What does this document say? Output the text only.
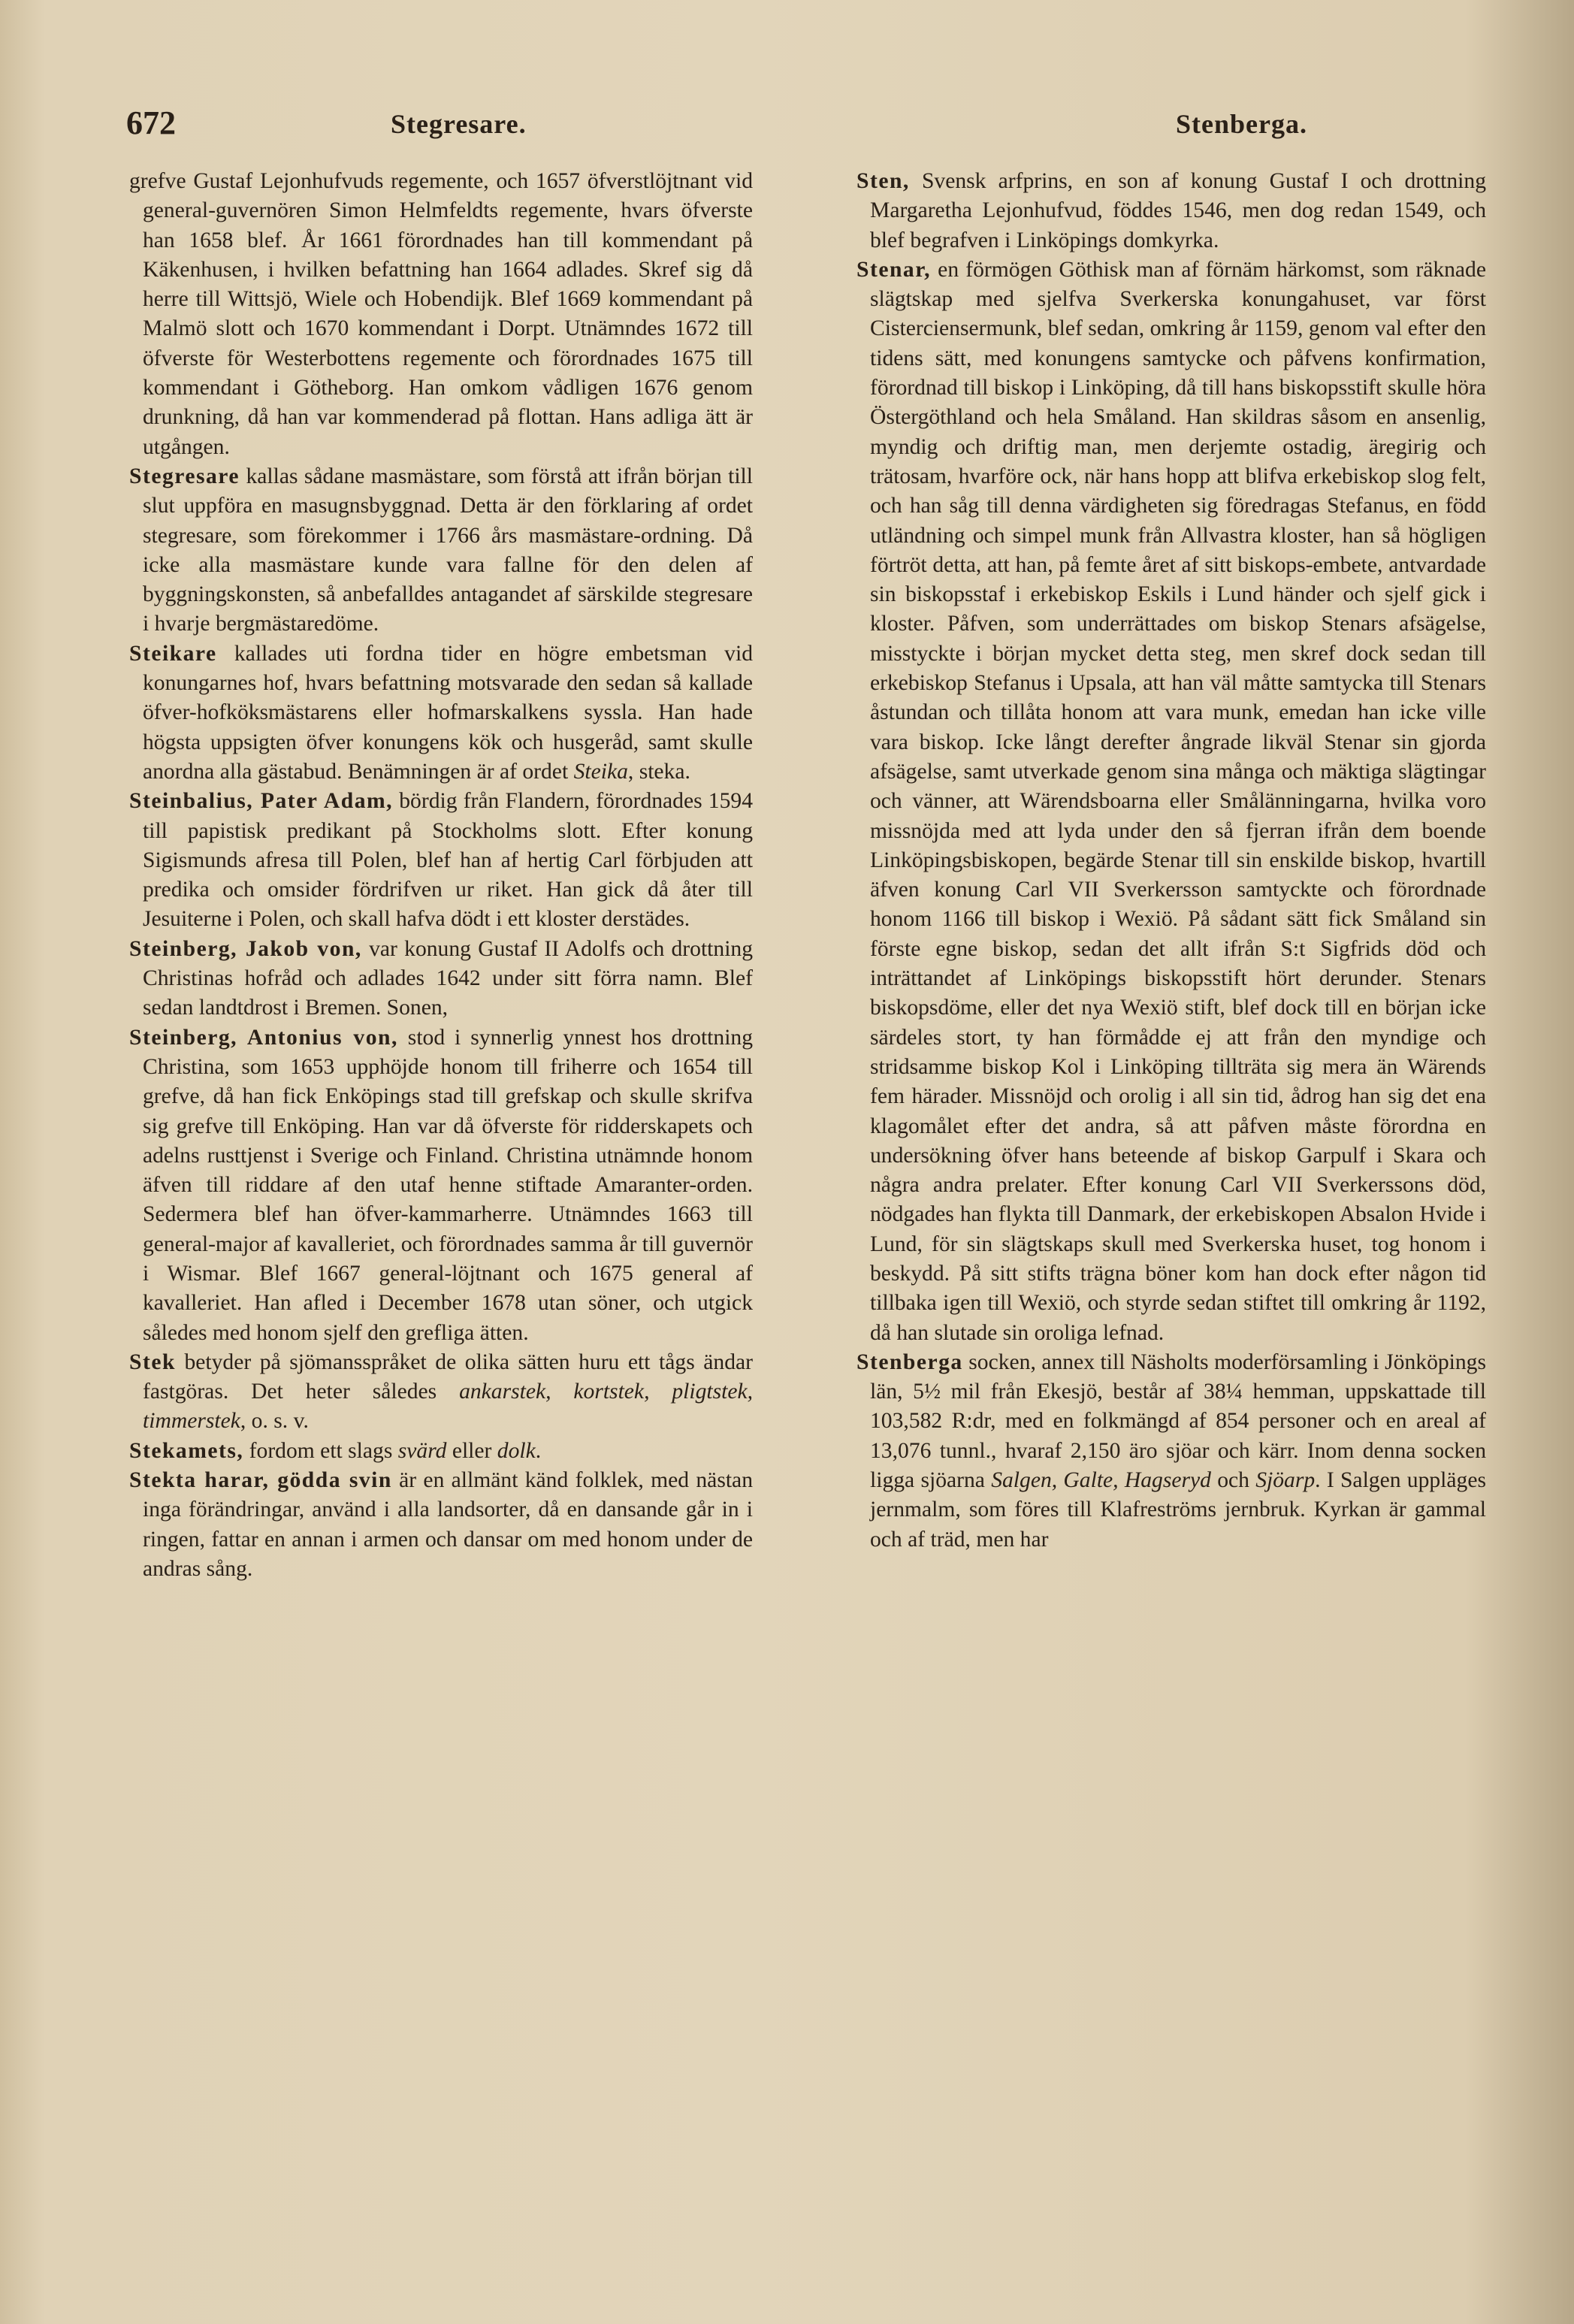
672	Stegresare.	Stenberga.

grefve Gustaf Lejonhufvuds regemente, och 1657 öfverstlöjtnant vid general-guvernören Simon Helmfeldts regemente, hvars öfverste han 1658 blef. År 1661 förordnades han till kommendant på Käkenhusen, i hvilken befattning han 1664 adlades. Skref sig då herre till Wittsjö, Wiele och Hobendijk. Blef 1669 kommendant på Malmö slott och 1670 kommendant i Dorpt. Utnämndes 1672 till öfverste för Westerbottens regemente och förordnades 1675 till kommendant i Götheborg. Han omkom vådligen 1676 genom drunkning, då han var kommenderad på flottan. Hans adliga ätt är utgången.

Stegresare kallas sådane masmästare, som förstå att ifrån början till slut uppföra en masugnsbyggnad. Detta är den förklaring af ordet stegresare, som förekommer i 1766 års masmästare-ordning. Då icke alla masmästare kunde vara fallne för den delen af byggningskonsten, så anbefalldes antagandet af särskilde stegresare i hvarje bergmästaredöme.

Steikare kallades uti fordna tider en högre embetsman vid konungarnes hof, hvars befattning motsvarade den sedan så kallade öfver-hofköksmästarens eller hofmarskalkens syssla. Han hade högsta uppsigten öfver konungens kök och husgeråd, samt skulle anordna alla gästabud. Benämningen är af ordet Steika, steka.

Steinbalius, Pater Adam, bördig från Flandern, förordnades 1594 till papistisk predikant på Stockholms slott. Efter konung Sigismunds afresa till Polen, blef han af hertig Carl förbjuden att predika och omsider fördrifven ur riket. Han gick då åter till Jesuiterne i Polen, och skall hafva dödt i ett kloster derstädes.

Steinberg, Jakob von, var konung Gustaf II Adolfs och drottning Christinas hofråd och adlades 1642 under sitt förra namn. Blef sedan landtdrost i Bremen. Sonen,

Steinberg, Antonius von, stod i synnerlig ynnest hos drottning Christina, som 1653 upphöjde honom till friherre och 1654 till grefve, då han fick Enköpings stad till grefskap och skulle skrifva sig grefve till Enköping. Han var då öfverste för ridderskapets och adelns rusttjenst i Sverige och Finland. Christina utnämnde honom äfven till riddare af den utaf henne stiftade Amaranter-orden. Sedermera blef han öfver-kammarherre. Utnämndes 1663 till general-major af kavalleriet, och förordnades samma år till guvernör i Wismar. Blef 1667 general-löjtnant och 1675 general af kavalleriet. Han afled i December 1678 utan söner, och utgick således med honom sjelf den grefliga ätten.

Stek betyder på sjömansspråket de olika sätten huru ett tågs ändar fastgöras. Det heter således ankarstek, kortstek, pligtstek, timmerstek, o. s. v.

Stekamets, fordom ett slags svärd eller dolk.

Stekta harar, gödda svin är en allmänt känd folklek, med nästan inga förändringar, använd i alla landsorter, då en dansande går in i ringen, fattar en annan i armen och dansar om med honom under de andras sång.

Sten, Svensk arfprins, en son af konung Gustaf I och drottning Margaretha Lejonhufvud, föddes 1546, men dog redan 1549, och blef begrafven i Linköpings domkyrka.

Stenar, en förmögen Göthisk man af förnäm härkomst, som räknade slägtskap med sjelfva Sverkerska konungahuset, var först Cisterciensermunk, blef sedan, omkring år 1159, genom val efter den tidens sätt, med konungens samtycke och påfvens konfirmation, förordnad till biskop i Linköping, då till hans biskopsstift skulle höra Östergöthland och hela Småland. Han skildras såsom en ansenlig, myndig och driftig man, men derjemte ostadig, äregirig och trätosam, hvarföre ock, när hans hopp att blifva erkebiskop slog felt, och han såg till denna värdigheten sig föredragas Stefanus, en född utländning och simpel munk från Allvastra kloster, han så högligen förtröt detta, att han, på femte året af sitt biskops-embete, antvardade sin biskopsstaf i erkebiskop Eskils i Lund händer och sjelf gick i kloster. Påfven, som underrättades om biskop Stenars afsägelse, misstyckte i början mycket detta steg, men skref dock sedan till erkebiskop Stefanus i Upsala, att han väl måtte samtycka till Stenars åstundan och tillåta honom att vara munk, emedan han icke ville vara biskop. Icke långt derefter ångrade likväl Stenar sin gjorda afsägelse, samt utverkade genom sina många och mäktiga slägtingar och vänner, att Wärendsboarna eller Smålänningarna, hvilka voro missnöjda med att lyda under den så fjerran ifrån dem boende Linköpingsbiskopen, begärde Stenar till sin enskilde biskop, hvartill äfven konung Carl VII Sverkersson samtyckte och förordnade honom 1166 till biskop i Wexiö. På sådant sätt fick Småland sin förste egne biskop, sedan det allt ifrån S:t Sigfrids död och inträttandet af Linköpings biskopsstift hört derunder. Stenars biskopsdöme, eller det nya Wexiö stift, blef dock till en början icke särdeles stort, ty han förmådde ej att från den myndige och stridsamme biskop Kol i Linköping tillträta sig mera än Wärends fem härader. Missnöjd och orolig i all sin tid, ådrog han sig det ena klagomålet efter det andra, så att påfven måste förordna en undersökning öfver hans beteende af biskop Garpulf i Skara och några andra prelater. Efter konung Carl VII Sverkerssons död, nödgades han flykta till Danmark, der erkebiskopen Absalon Hvide i Lund, för sin slägtskaps skull med Sverkerska huset, tog honom i beskydd. På sitt stifts trägna böner kom han dock efter någon tid tillbaka igen till Wexiö, och styrde sedan stiftet till omkring år 1192, då han slutade sin oroliga lefnad.

Stenberga socken, annex till Näsholts moderförsamling i Jönköpings län, 5½ mil från Ekesjö, består af 38¼ hemman, uppskattade till 103,582 R:dr, med en folkmängd af 854 personer och en areal af 13,076 tunnl., hvaraf 2,150 äro sjöar och kärr. Inom denna socken ligga sjöarna Salgen, Galte, Hagseryd och Sjöarp. I Salgen uppläges jernmalm, som föres till Klafreströms jernbruk. Kyrkan är gammal och af träd, men har
